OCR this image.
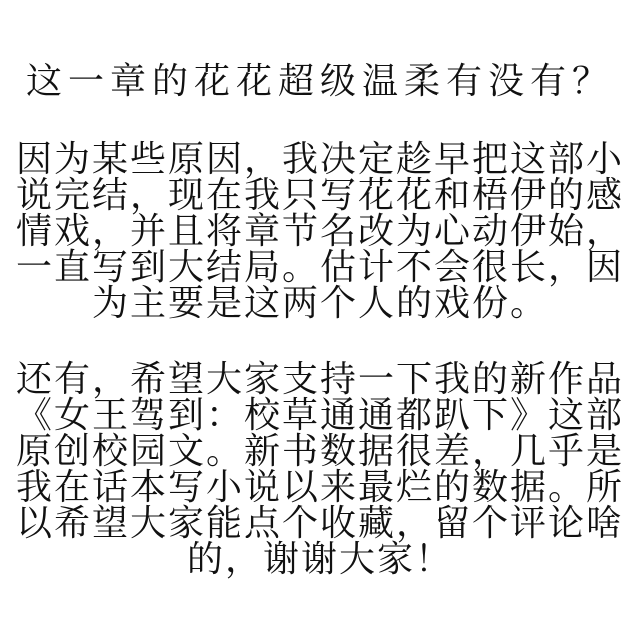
这一章的花花超级温柔有没有？
因为某些原因，我决定趁早把这部小
说完结，现在我只写花花和梧伊的感
情戏，并且将章节名改为心动伊始，
一直写到大结局。估计不会很长，因
为主要是这两个人的戏份。
还有，希望大家支持一下我的新作品
《女王驾到：校草通通都趴下》这部
原创校园文。新书数据很差，几乎是
我在话本写小说以来最烂的数据。所
以希望大家能点个收藏，留个评论啥
的，谢谢大家！
